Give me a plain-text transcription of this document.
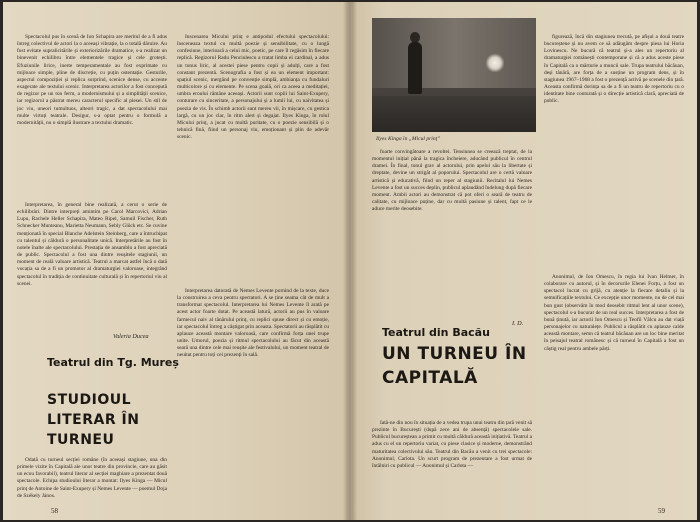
Spectacolul pus în scenă de Ion Schapira are meritul de a fi adus întreg colectivul de actori la o aceeași vibrație, la o totală dăruire. Au fost evitate supralicitările și exteriorizările dramatice, s-a realizat un binevenit echilibru între elementele tragice și cele grotești. Efuziunile lirice, inerte temperamentale au fost exprimate cu mijloace simple, pline de discreție, cu puțin ostentație. Gesturile, aspectul compoziției și replica surprind, scenice dense, cu accente exagerate ale textului scenic. Interpretarea actorilor a fost concepută de regizor pe un ton ferm, a modernismului și a simplității scenice, iar regizorul a păstrat mereu caracterul specific al piesei. Un stil de joc viu, uneori tumultuos, alteori tragic, a dat spectacolului mai multe virtuți teatrale. Desigur, s-a optat pentru o formulă a modernității, nu o simplă ilustrare a textului dramatic.

Interpretarea, în general bine realizată, a cerut o serie de echilibrări. Dintre interpreți amintim pe Carol Marcovici, Adrian Lupu, Rachele Heller Schapira, Mateo Ripel, Samuil Fischer, Ruth Schnecker Munteanu, Marietta Neumann, Sebly Glück etc. Se cuvine menționată în special Blanche Adelstein Steinberg, care a întruchipat cu talentul și căldură o personalitate unică. Interpretările au fost în notele înalte ale spectacolului. Prestația de ansamblu a fost apreciată de public. Spectacolul a fost una dintre reușitele stagiunii, un moment de reală valoare artistică. Teatrul a marcat astfel încă o dată vocația sa de a fi un promotor al dramaturgiei valoroase, integrând spectacolul în tradiția de continuitate culturală și în repertoriul viu al scenei.

Valeria Ducea
Teatrul din Tg. Mureș
STUDIOUL LITERAR ÎN TURNEU

Odată cu turneul secției române (în aceeași stagiune, una din primele vizite în Capitală ale unor teatre din provincie, care au găsit un ecou favorabil), teatrul literar al secției maghiare a prezentat două spectacole. Echipa studioului literar a montat: Ilyes Kinga — Micul prinț de Antoine de Saint-Exupery și Nemes Levente — poemul Doja de Székely János.

Inscenarea Micului prinț e antipodul efectului spectacolului: însceneaza textul cu multă poezie și sensibilitate, cu o lungă confesiune, interioară a celui mic, poetic, pe care îl regăsim în fiecare replică. Regizorul Radu Penciulescu a tratat limba ei cardinal, a adus un tonus liric, al acestei piese pentru copii și adulți, care a fost constant prezentă. Scenografia a fost și ea un element important: spațiul scenic, mergând pe convenție simplă, ambianța cu fundaluri multicolore și cu elemente. Pe scena goală, ori ca aceea a meditației, umbra eroului rămâne aceeași. Actorii sunt copiii lui Saint-Exupery, conturare cu sinceritate, a personajului și a lumii lui, cu naivitatea și poezia de vis. În schimb actorii sunt mereu vii, în mișcare, cu gestica largă, cu un joc clar, în ritm alert și degajat. Ilyes Kinga, în rolul Micului prinț, a jucat cu multă puritate, cu o poezie sensibilă și o tehnică fină, fiind un personaj viu, emoționant și plin de adevăr scenic.

Interpretarea datorată de Nemes Levente pornind de la texte, duce la construirea a ceva pentru spectatori. A se ține seama cât de mult a transformat spectacolul. Interpretarea lui Nemes Levente îl arată pe acest actor foarte dotat. Pe această latură, actorii au pus în valoare farmecul naiv al tânărului prinț, cu replici spuse direct și cu emoție, iar spectacolul întreg a câștigat prin aceasta. Spectatorii au răsplătit cu aplauze această montare valoroasă, care confirmă forța unei trupe unite. Umorul, poezia și ritmul spectacolului au făcut din această seară una dintre cele mai reușite ale festivalului, un moment teatral de neuitat pentru toți cei prezenți în sală.

58
Ilyes Kinga în „Micul prinț”

foarte convingătoare a revoltei. Tensiunea se creează treptat, de la momentul inițial până la tragica încheiere, aducând publicul în centrul dramei. În final, tonul grav al actorului, prin apelul său la libertate și dreptate, devine un strigăt al poporului. Spectacolul are o certă valoare artistică și educativă, fiind un reper al stagiunii. Recitalul lui Nemes Levente a fost un succes deplin, publicul aplaudând îndelung după fiecare moment. Ambii actori au demonstrat că pot oferi o seară de teatru de calitate, cu mijloace puține, dar cu multă pasiune și talent, fapt ce le aduce merite deosebite.

I. D.
Teatrul din Bacău
UN TURNEU ÎN CAPITALĂ

Iată-ne din nou în situația de a vedea trupa unui teatru din țară venit să prezinte în București (după zece ani de absență) spectacolele sale. Publicul bucureștean a primit cu multă căldură această inițiativă. Teatrul a adus cu el un repertoriu variat, cu piese clasice și moderne, demonstrând maturitatea colectivului său. Teatrul din Bacău a venit cu trei spectacole: Anonimul, Carlota. Un scurt program de prezentare a fost urmat de întâlniri cu publicul — Anonimul și Carlota —

figurează, încă din stagiunea trecută, pe afișul a două teatre bucureștene și nu avem ce să adăugăm despre piesa lui Horia Lovinescu. Ne bucură că teatrul și-a ales un repertoriu al dramaturgiei românești contemporane și că a adus aceste piese în Capitală ca o mărturie a muncii sale. Trupa teatrului băcăuan, deși tânără, are forța de a susține un program dens, și în stagiunea 1967–1968 a fost o prezență activă pe scenele din țară. Aceasta confirmă dorința sa de a fi un teatru de repertoriu cu o identitate bine conturată și o direcție artistică clară, apreciată de public.

Anonimul, de Ion Omescu, în regia lui Ivan Helmer, în colaborare cu autorul, și în decorurile Elenei Forțu, a fost un spectacol lucrat cu grijă, cu atenție la fiecare detaliu și la semnificațiile textului. Ce excepție unor momente, nu de cel mai bun gust (observăm în mod deosebit ritmul lent al unor scene), spectacolul s-a bucurat de un real succes. Interpretarea a fost de bună ținută, iar actorii Ion Omescu și Teofil Vâlcu au dat viață personajelor cu naturalețe. Publicul a răsplătit cu aplauze calde această montare, semn că teatrul băcăuan are un loc bine meritat în peisajul teatral românesc și că turneul în Capitală a fost un câștig real pentru ambele părți.

59
